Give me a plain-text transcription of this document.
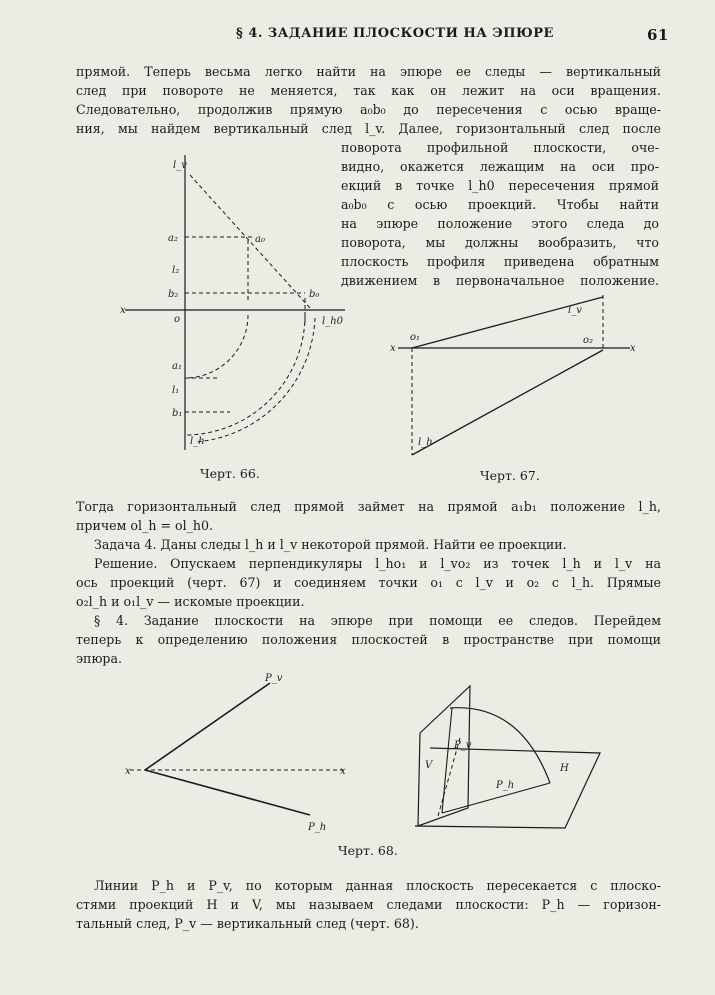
§ 4. ЗАДАНИЕ ПЛОСКОСТИ НА ЭПЮРЕ	61
прямой. Теперь весьма легко найти на эпюре ее следы — вертикальный
след при повороте не меняется, так как он лежит на оси вращения.
Следовательно, продолжив прямую a₀b₀ до пересечения с осью враще-
ния, мы найдем вертикальный след l_v. Далее, горизонтальный след после
поворота профильной плоскости, оче-
видно, окажется лежащим на оси про-
екций в точке l_h0 пересечения прямой
a₀b₀ с осью проекций. Чтобы найти
на эпюре положение этого следа до
поворота, мы должны вообразить, что
плоскость профиля приведена обратным
движением в первоначальное положение.
l_v
a₂	a₀
l₂
b₂	b₀
x
o	l_h0
a₁
l₁
b₁
l_h
Черт. 66.
x	x
l_v
o₁	o₂
l_h
Черт. 67.
Тогда горизонтальный след прямой займет на прямой a₁b₁ положение l_h,
причем ol_h = ol_h0.
Задача 4. Даны следы l_h и l_v некоторой прямой. Найти ее проекции.
Решение. Опускаем перпендикуляры l_ho₁ и l_vo₂ из точек l_h и l_v на
ось проекций (черт. 67) и соединяем точки o₁ с l_v и o₂ с l_h. Прямые
o₂l_h и o₁l_v — искомые проекции.
§ 4. Задание плоскости на эпюре при помощи ее следов. Перейдем
теперь к определению положения плоскостей в пространстве при помощи
эпюра.
P_v
x	x
P_h
P_v
V	H
P_h
Черт. 68.
Линии P_h и P_v, по которым данная плоскость пересекается с плоско-
стями проекций H и V, мы называем следами плоскости: P_h — горизон-
тальный след, P_v — вертикальный след (черт. 68).
